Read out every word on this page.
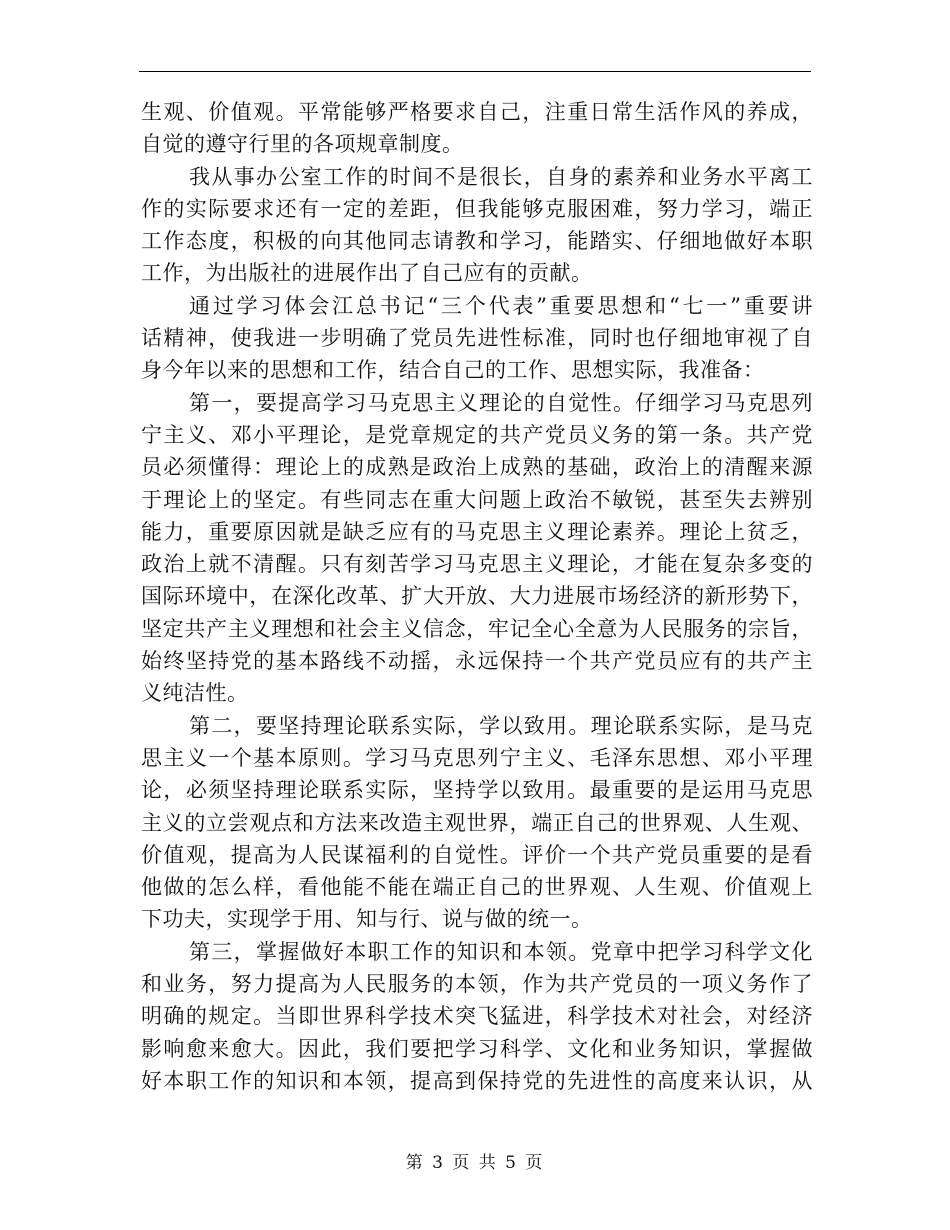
生观、价值观。平常能够严格要求自己，注重日常生活作风的养成，
自觉的遵守行里的各项规章制度。
我从事办公室工作的时间不是很长，自身的素养和业务水平离工
作的实际要求还有一定的差距，但我能够克服困难，努力学习，端正
工作态度，积极的向其他同志请教和学习，能踏实、仔细地做好本职
工作，为出版社的进展作出了自己应有的贡献。
通过学习体会江总书记“三个代表”重要思想和“七一”重要讲
话精神，使我进一步明确了党员先进性标准，同时也仔细地审视了自
身今年以来的思想和工作，结合自己的工作、思想实际，我准备：
第一，要提高学习马克思主义理论的自觉性。仔细学习马克思列
宁主义、邓小平理论，是党章规定的共产党员义务的第一条。共产党
员必须懂得：理论上的成熟是政治上成熟的基础，政治上的清醒来源
于理论上的坚定。有些同志在重大问题上政治不敏锐，甚至失去辨别
能力，重要原因就是缺乏应有的马克思主义理论素养。理论上贫乏，
政治上就不清醒。只有刻苦学习马克思主义理论，才能在复杂多变的
国际环境中，在深化改革、扩大开放、大力进展市场经济的新形势下，
坚定共产主义理想和社会主义信念，牢记全心全意为人民服务的宗旨，
始终坚持党的基本路线不动摇，永远保持一个共产党员应有的共产主
义纯洁性。
第二，要坚持理论联系实际，学以致用。理论联系实际，是马克
思主义一个基本原则。学习马克思列宁主义、毛泽东思想、邓小平理
论，必须坚持理论联系实际，坚持学以致用。最重要的是运用马克思
主义的立尝观点和方法来改造主观世界，端正自己的世界观、人生观、
价值观，提高为人民谋福利的自觉性。评价一个共产党员重要的是看
他做的怎么样，看他能不能在端正自己的世界观、人生观、价值观上
下功夫，实现学于用、知与行、说与做的统一。
第三，掌握做好本职工作的知识和本领。党章中把学习科学文化
和业务，努力提高为人民服务的本领，作为共产党员的一项义务作了
明确的规定。当即世界科学技术突飞猛进，科学技术对社会，对经济
影响愈来愈大。因此，我们要把学习科学、文化和业务知识，掌握做
好本职工作的知识和本领，提高到保持党的先进性的高度来认识，从
第 3 页 共 5 页
